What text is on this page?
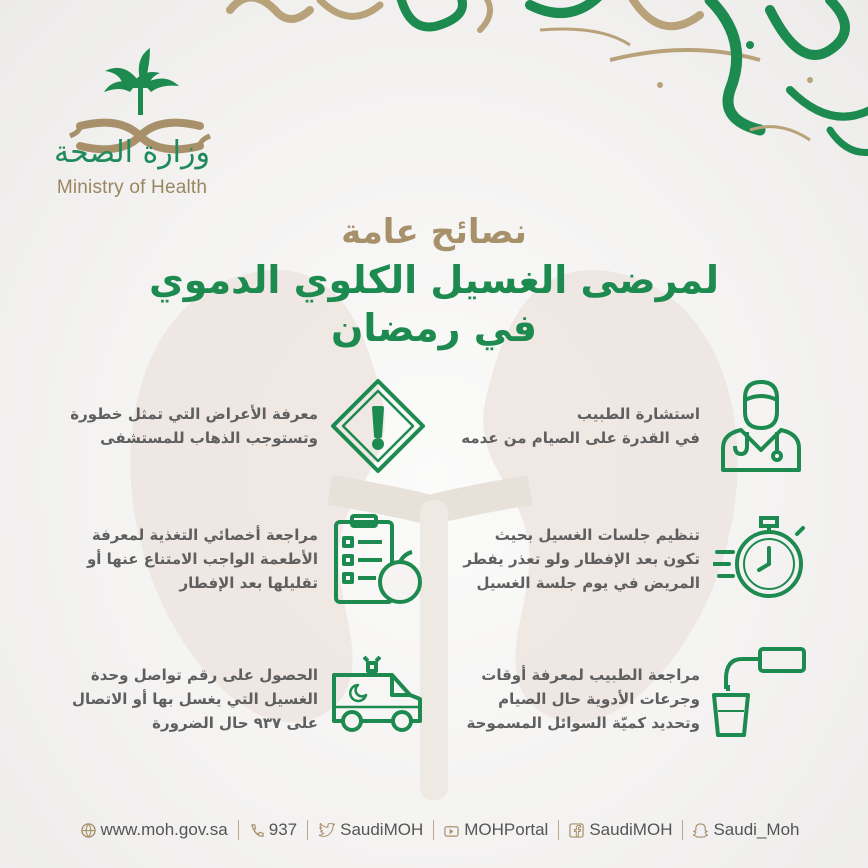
وزارة الصحة
Ministry of Health
نصائح عامة
لمرضى الغسيل الكلوي الدموي
في رمضان
استشارة الطبيب
في القدرة على الصيام من عدمه
تنظيم جلسات الغسيل بحيث
تكون بعد الإفطار ولو تعذر يفطر
المريض في يوم جلسة الغسيل
مراجعة الطبيب لمعرفة أوقات
وجرعات الأدوية حال الصيام
وتحديد كميّة السوائل المسموحة
معرفة الأعراض التي تمثل خطورة
وتستوجب الذهاب للمستشفى
مراجعة أخصائي التغذية لمعرفة
الأطعمة الواجب الامتناع عنها أو
تقليلها بعد الإفطار
الحصول على رقم تواصل وحدة
الغسيل التي يغسل بها أو الاتصال
على ٩٣٧ حال الضرورة
www.moh.gov.sa 937	SaudiMOH MOHPortal SaudiMOH Saudi_Moh
